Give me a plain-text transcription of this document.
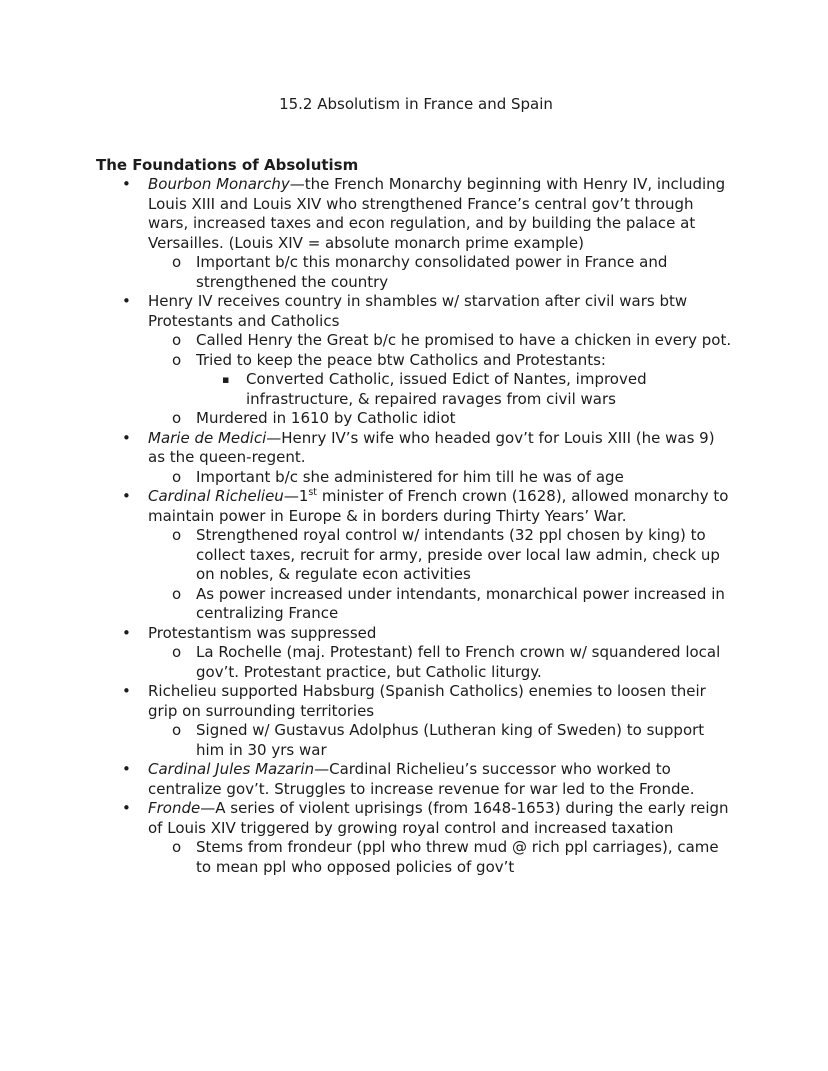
15.2 Absolutism in France and Spain
The Foundations of Absolutism
• Bourbon Monarchy—the French Monarchy beginning with Henry IV, including Louis XIII and Louis XIV who strengthened France’s central gov’t through wars, increased taxes and econ regulation, and by building the palace at Versailles. (Louis XIV = absolute monarch prime example)
o Important b/c this monarchy consolidated power in France and strengthened the country
• Henry IV receives country in shambles w/ starvation after civil wars btw Protestants and Catholics
o Called Henry the Great b/c he promised to have a chicken in every pot.
o Tried to keep the peace btw Catholics and Protestants:
▪ Converted Catholic, issued Edict of Nantes, improved infrastructure, & repaired ravages from civil wars
o Murdered in 1610 by Catholic idiot
• Marie de Medici—Henry IV’s wife who headed gov’t for Louis XIII (he was 9) as the queen-regent.
o Important b/c she administered for him till he was of age
• Cardinal Richelieu—1st minister of French crown (1628), allowed monarchy to maintain power in Europe & in borders during Thirty Years’ War.
o Strengthened royal control w/ intendants (32 ppl chosen by king) to collect taxes, recruit for army, preside over local law admin, check up on nobles, & regulate econ activities
o As power increased under intendants, monarchical power increased in centralizing France
• Protestantism was suppressed
o La Rochelle (maj. Protestant) fell to French crown w/ squandered local gov’t. Protestant practice, but Catholic liturgy.
• Richelieu supported Habsburg (Spanish Catholics) enemies to loosen their grip on surrounding territories
o Signed w/ Gustavus Adolphus (Lutheran king of Sweden) to support him in 30 yrs war
• Cardinal Jules Mazarin—Cardinal Richelieu’s successor who worked to centralize gov’t. Struggles to increase revenue for war led to the Fronde.
• Fronde—A series of violent uprisings (from 1648-1653) during the early reign of Louis XIV triggered by growing royal control and increased taxation
o Stems from frondeur (ppl who threw mud @ rich ppl carriages), came to mean ppl who opposed policies of gov’t
